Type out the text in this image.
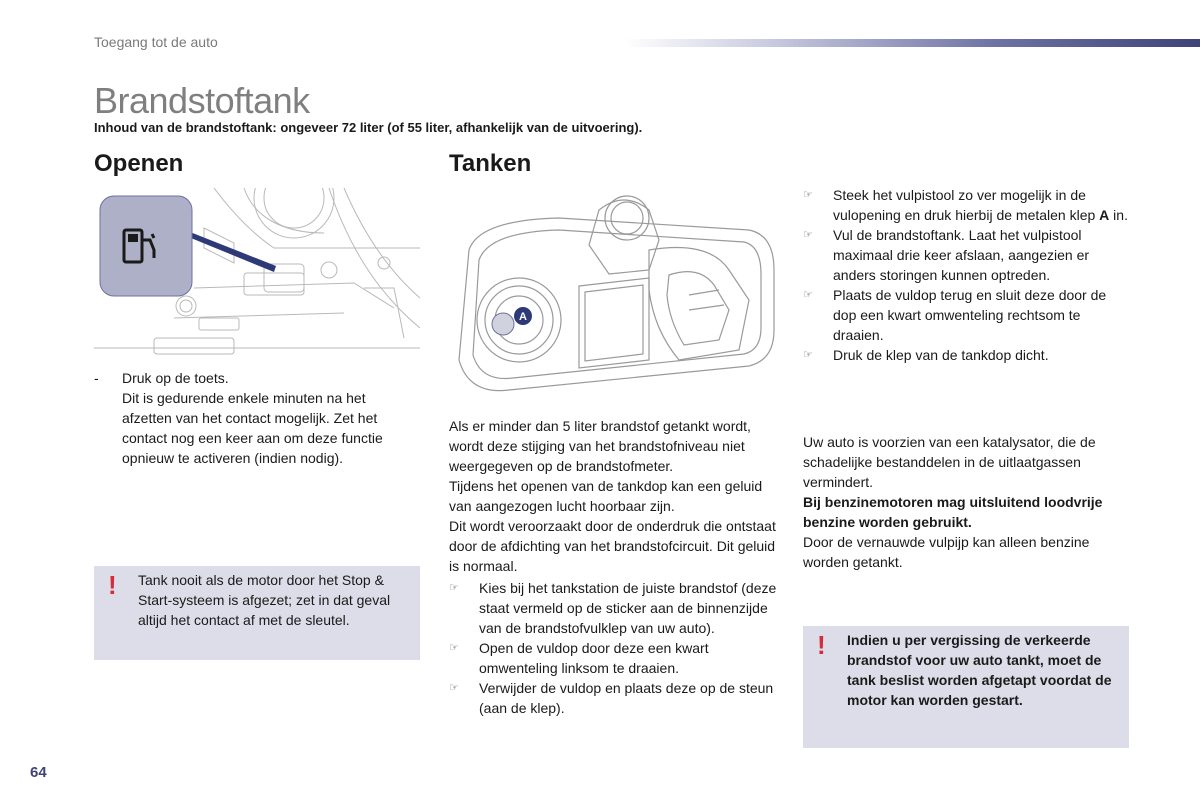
Toegang tot de auto
Brandstoftank
Inhoud van de brandstoftank: ongeveer 72 liter (of 55 liter, afhankelijk van de uitvoering).
Openen
-	Druk op de toets.

Dit is gedurende enkele minuten na het afzetten van het contact mogelijk. Zet het contact nog een keer aan om deze functie opnieuw te activeren (indien nodig).

! Tank nooit als de motor door het Stop & Start-systeem is afgezet; zet in dat geval altijd het contact af met de sleutel.
Tanken
A

Als er minder dan 5 liter brandstof getankt wordt, wordt deze stijging van het brandstofniveau niet weergegeven op de brandstofmeter.

Tijdens het openen van de tankdop kan een geluid van aangezogen lucht hoorbaar zijn.

Dit wordt veroorzaakt door de onderdruk die ontstaat door de afdichting van het brandstofcircuit. Dit geluid is normaal.

☞ Kies bij het tankstation de juiste brandstof (deze staat vermeld op de sticker aan de binnenzijde van de brandstofvulklep van uw auto).
☞ Open de vuldop door deze een kwart omwenteling linksom te draaien.
☞ Verwijder de vuldop en plaats deze op de steun (aan de klep).
☞ Steek het vulpistool zo ver mogelijk in de vulopening en druk hierbij de metalen klep A in.
☞ Vul de brandstoftank. Laat het vulpistool maximaal drie keer afslaan, aangezien er anders storingen kunnen optreden.
☞ Plaats de vuldop terug en sluit deze door de dop een kwart omwenteling rechtsom te draaien.
☞ Druk de klep van de tankdop dicht.

Uw auto is voorzien van een katalysator, die de schadelijke bestanddelen in de uitlaatgassen vermindert.

Bij benzinemotoren mag uitsluitend loodvrije benzine worden gebruikt.

Door de vernauwde vulpijp kan alleen benzine worden getankt.

! Indien u per vergissing de verkeerde brandstof voor uw auto tankt, moet de tank beslist worden afgetapt voordat de motor kan worden gestart.
64
